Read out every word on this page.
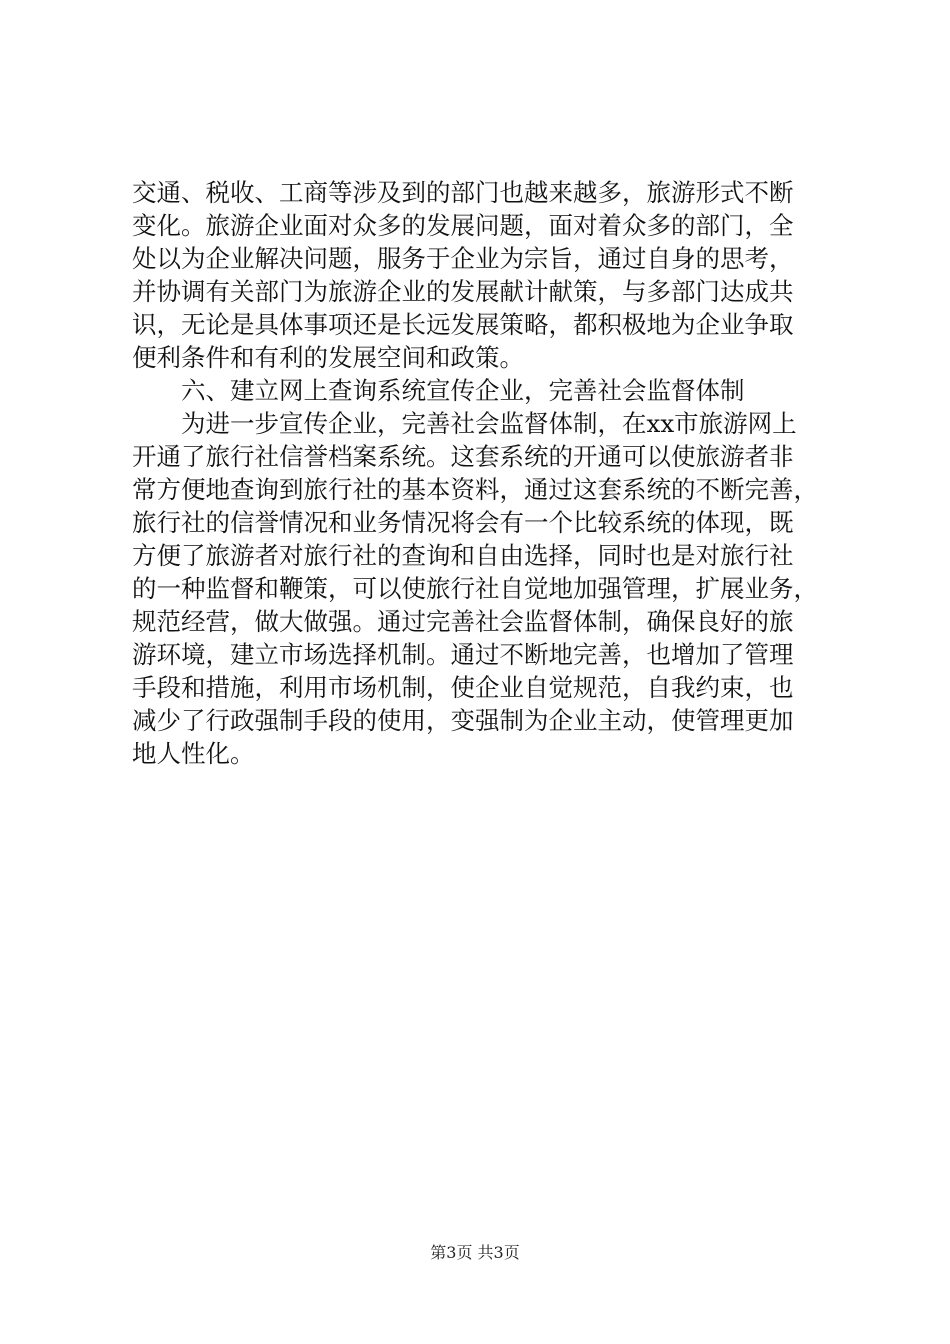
交通、税收、工商等涉及到的部门也越来越多，旅游形式不断
变化。旅游企业面对众多的发展问题，面对着众多的部门，全
处以为企业解决问题，服务于企业为宗旨，通过自身的思考，
并协调有关部门为旅游企业的发展献计献策，与多部门达成共
识，无论是具体事项还是长远发展策略，都积极地为企业争取
便利条件和有利的发展空间和政策。
六、建立网上查询系统宣传企业，完善社会监督体制
为进一步宣传企业，完善社会监督体制，在xx市旅游网上
开通了旅行社信誉档案系统。这套系统的开通可以使旅游者非
常方便地查询到旅行社的基本资料，通过这套系统的不断完善，
旅行社的信誉情况和业务情况将会有一个比较系统的体现，既
方便了旅游者对旅行社的查询和自由选择，同时也是对旅行社
的一种监督和鞭策，可以使旅行社自觉地加强管理，扩展业务，
规范经营，做大做强。通过完善社会监督体制，确保良好的旅
游环境，建立市场选择机制。通过不断地完善，也增加了管理
手段和措施，利用市场机制，使企业自觉规范，自我约束，也
减少了行政强制手段的使用，变强制为企业主动，使管理更加
地人性化。
第3页 共3页
